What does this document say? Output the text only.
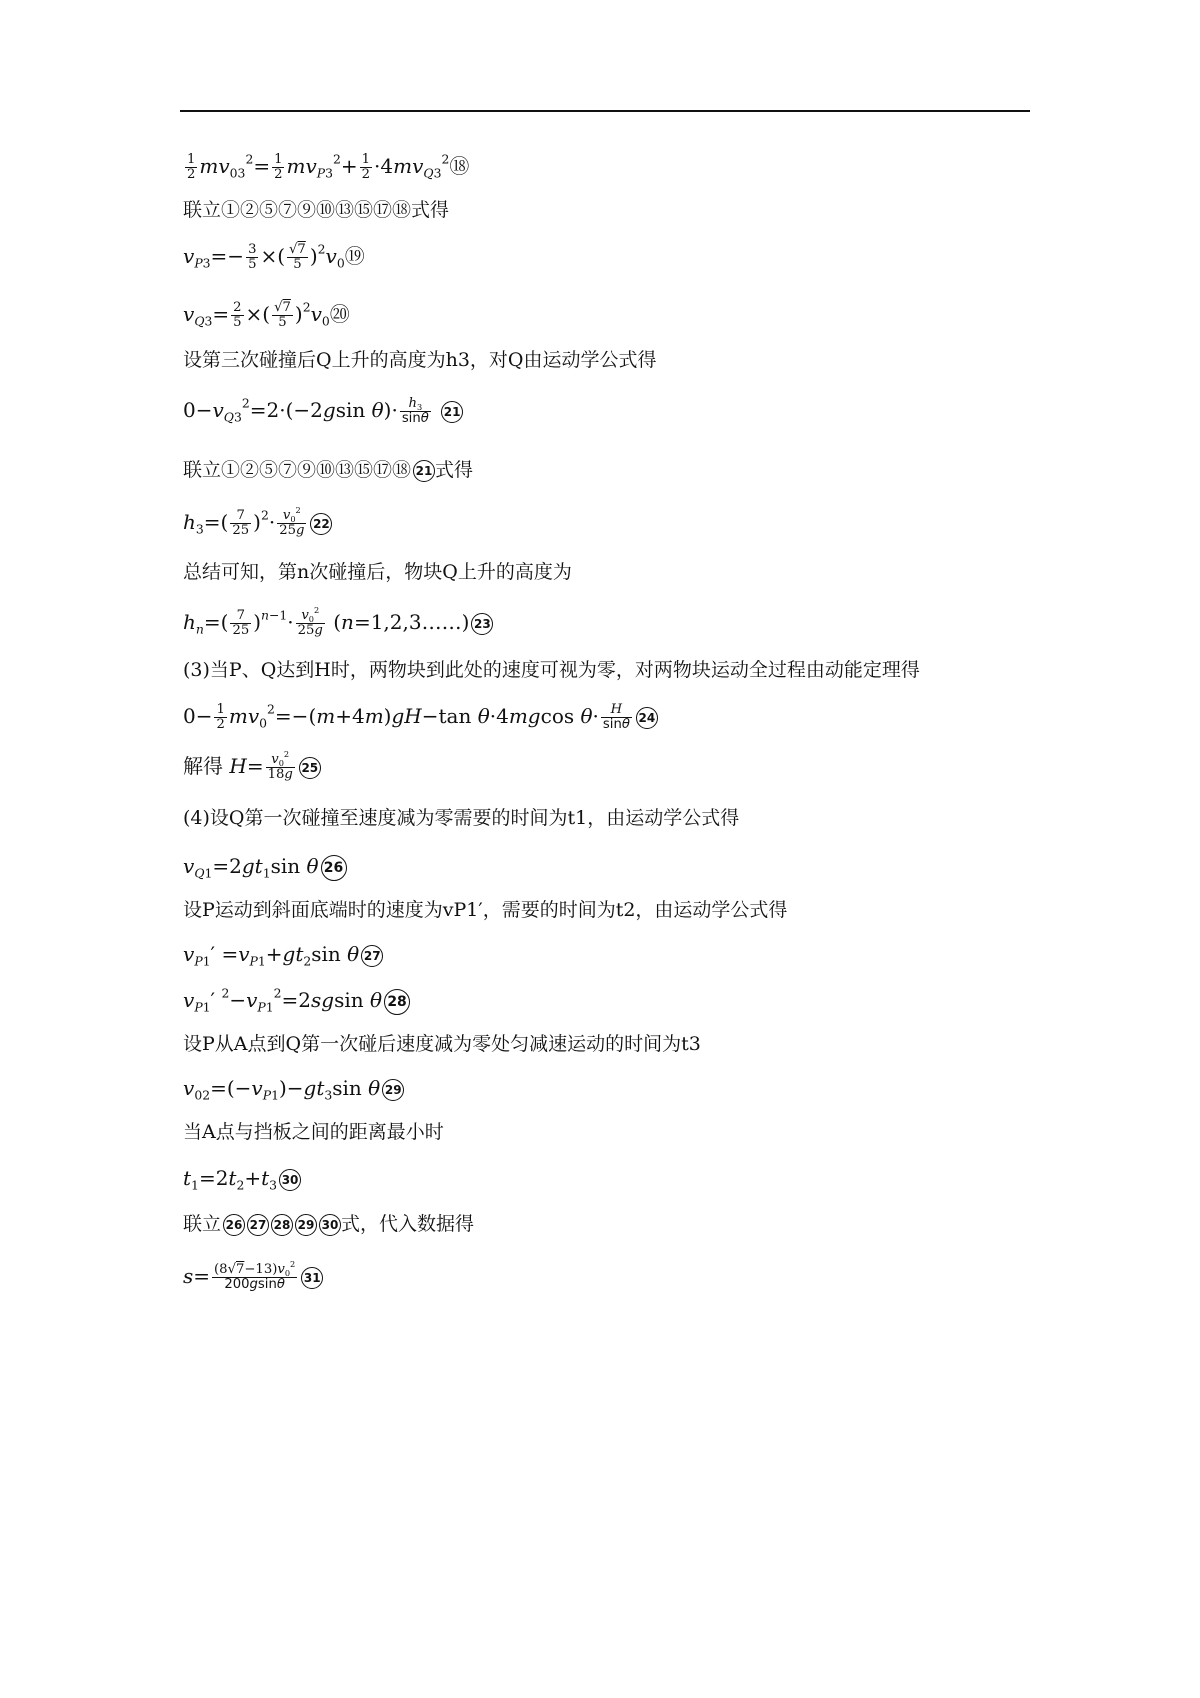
$\frac{1}{2} mv_{03}^2= \frac{1}{2} mv_{P3}^2+ \frac{1}{2}$ $\cdot 4mv_{Q3}^2⑱$
联立①②⑤⑦⑨⑩⑬⑮⑰⑱式得
$v_{P3}=- \frac{3}{5}$ ×( $\frac{√7}{5}$ )$^2v_0⑲$
$v_{Q3}= \frac{2}{5}$ ×( $\frac{√7}{5}$ )$^2v_0⑳$
设第三次碰撞后Q上升的高度为h3，对Q由运动学公式得
$0-v_{Q3}^2=2\cdot(-2gsin$ $\theta)\cdot \frac{h_3}{\sin\theta} 21$
联立①②⑤⑦⑨⑩⑬⑮⑰⑱ 21 式得
$h_3=( \frac{7}{25} )^2\cdot \frac{v_0^2}{25g} 22$
总结可知，第n次碰撞后，物块Q上升的高度为
$h_n=( \frac{7}{25} )^{n-1}\cdot \frac{v_0^2}{25g}$ (n=1,2,3……) 23
(3)当P、Q达到H时，两物块到此处的速度可视为零，对两物块运动全过程由动能定理得
$0- \frac{1}{2} mv_0^2=-(m+4m)gH-\tan$ θ·4mgcos $\theta\cdot \frac{H}{\sin\theta} 24$
解得 $H= \frac{v_0^2}{18g} 25$
(4)设Q第一次碰撞至速度减为零需要的时间为t1，由运动学公式得
$v_{Q1}=2gt_1\sin$ θ 26
设P运动到斜面底端时的速度为vP1′，需要的时间为t2，由运动学公式得
$v_{P1}' =v_{P1}+gt_2\sin$ θ 27
$v_{P1}'$ $^2-v_{P1}^2=2sgsin$ θ 28
设P从A点到Q第一次碰后速度减为零处匀减速运动的时间为t3
$v_{02}=(-v_{P1})-gt_3\sin$ θ 29
当A点与挡板之间的距离最小时
$t_1=2t_2+t_3$ 30
联立 26 27 28 29 30 式，代入数据得
$s= \frac{(8√7-13)v_0^2}{200gsin\theta} 31$
